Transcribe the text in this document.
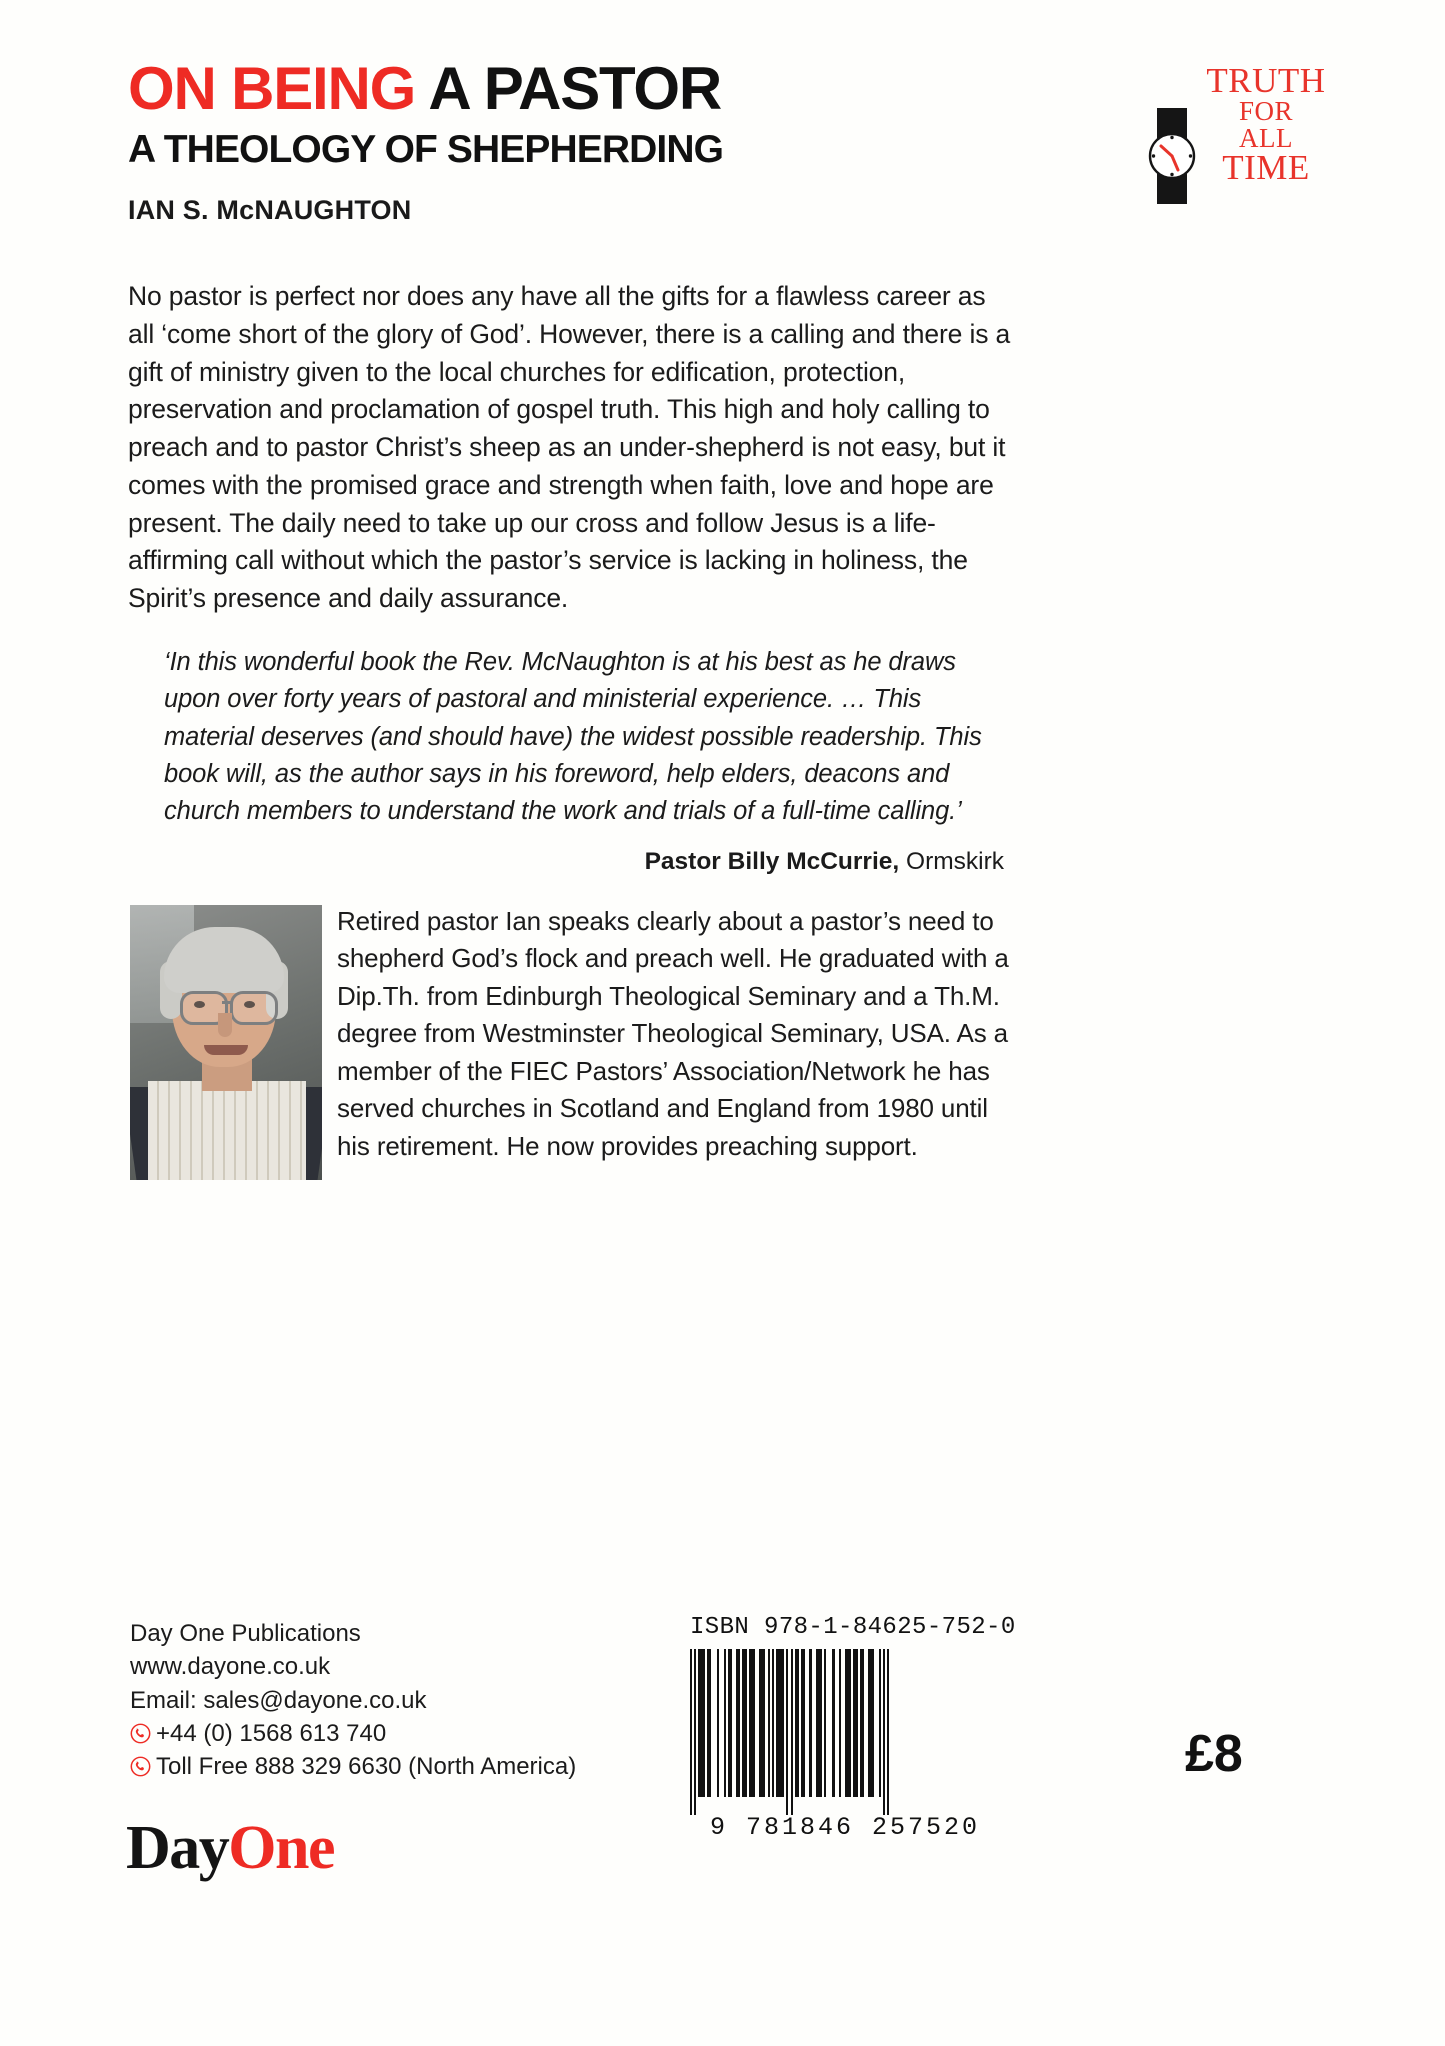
ON BEING A PASTOR
A THEOLOGY OF SHEPHERDING
IAN S. McNAUGHTON
TRUTH
FOR
ALL
TIME
No pastor is perfect nor does any have all the gifts for a flawless career as all ‘come short of the glory of God’. However, there is a calling and there is a gift of ministry given to the local churches for edification, protection, preservation and proclamation of gospel truth. This high and holy calling to preach and to pastor Christ’s sheep as an under-shepherd is not easy, but it comes with the promised grace and strength when faith, love and hope are present. The daily need to take up our cross and follow Jesus is a life-affirming call without which the pastor’s service is lacking in holiness, the Spirit’s presence and daily assurance.
‘In this wonderful book the Rev. McNaughton is at his best as he draws upon over forty years of pastoral and ministerial experience. … This material deserves (and should have) the widest possible readership. This book will, as the author says in his foreword, help elders, deacons and church members to understand the work and trials of a full-time calling.’
Pastor Billy McCurrie, Ormskirk
Retired pastor Ian speaks clearly about a pastor’s need to shepherd God’s flock and preach well. He graduated with a Dip.Th. from Edinburgh Theological Seminary and a Th.M. degree from Westminster Theological Seminary, USA. As a member of the FIEC Pastors’ Association/Network he has served churches in Scotland and England from 1980 until his retirement. He now provides preaching support.
Day One Publications
www.dayone.co.uk
Email: sales@dayone.co.uk
+44 (0) 1568 613 740
Toll Free 888 329 6630 (North America)
DayOne
ISBN 978-1-84625-752-0
9 781846 257520
£8
